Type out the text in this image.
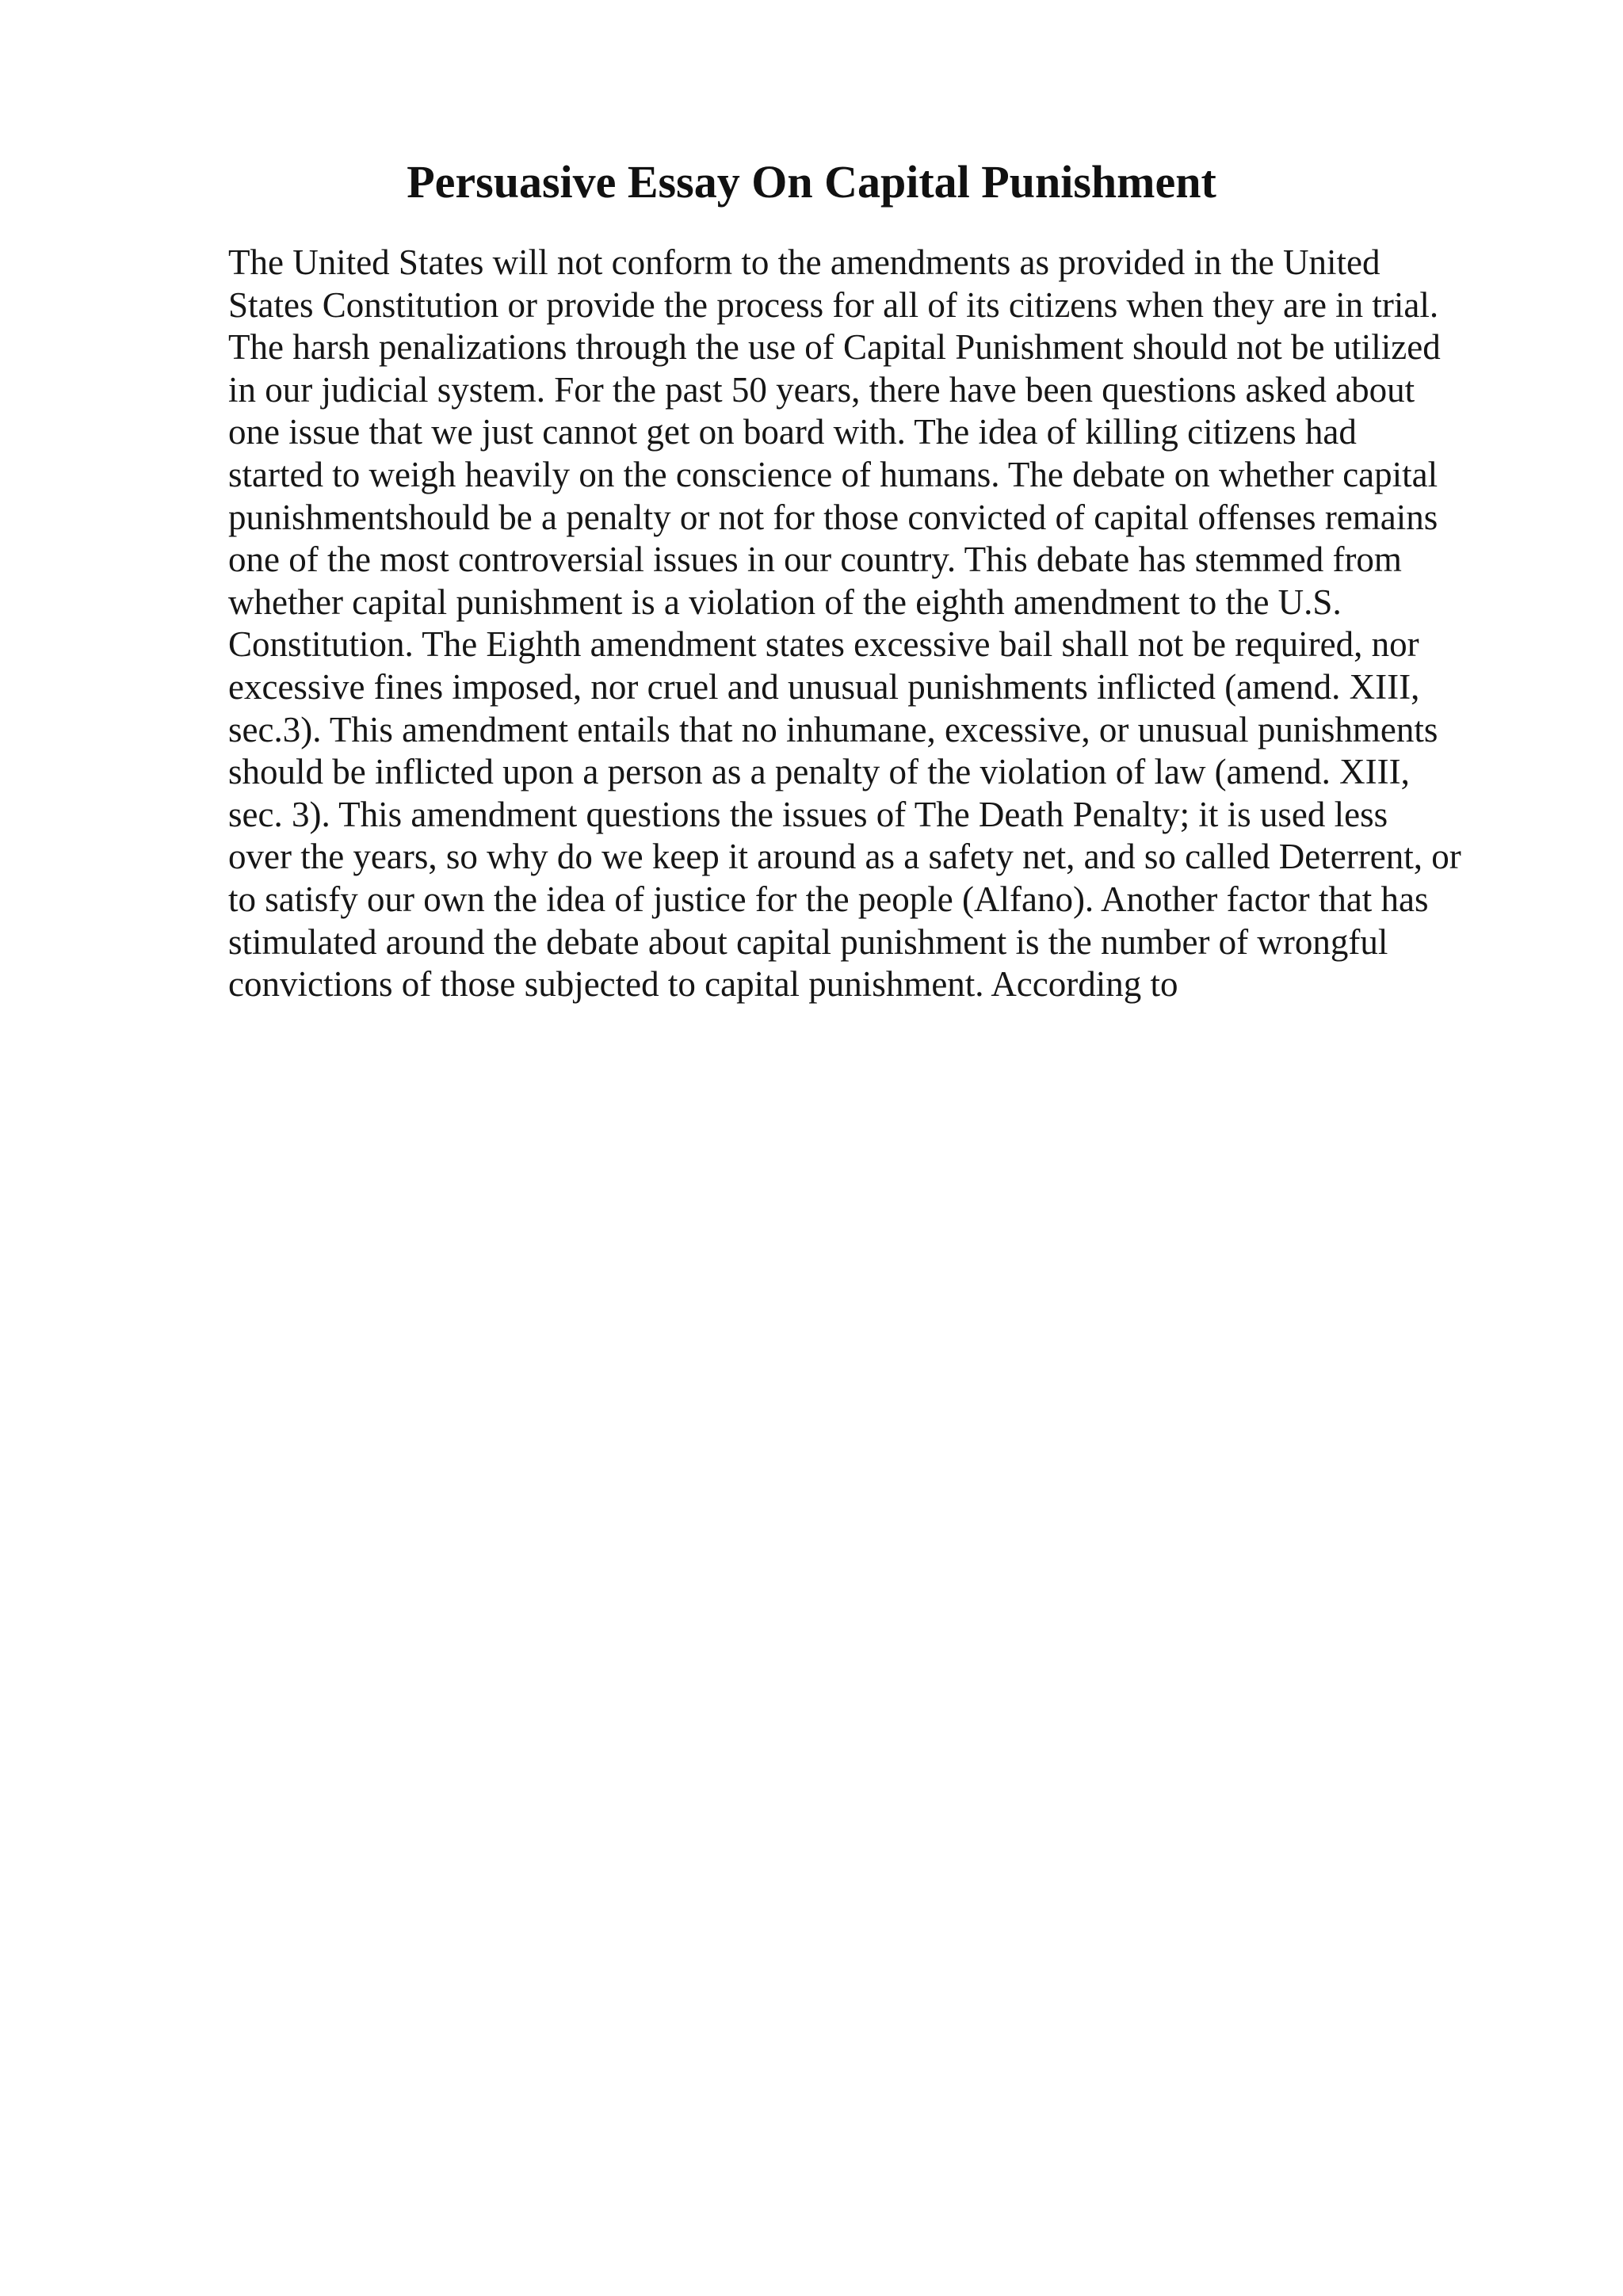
Persuasive Essay On Capital Punishment

The United States will not conform to the amendments as provided in the United
States Constitution or provide the process for all of its citizens when they are in trial.
The harsh penalizations through the use of Capital Punishment should not be utilized
in our judicial system. For the past 50 years, there have been questions asked about
one issue that we just cannot get on board with. The idea of killing citizens had
started to weigh heavily on the conscience of humans. The debate on whether capital
punishmentshould be a penalty or not for those convicted of capital offenses remains
one of the most controversial issues in our country. This debate has stemmed from
whether capital punishment is a violation of the eighth amendment to the U.S.
Constitution. The Eighth amendment states excessive bail shall not be required, nor
excessive fines imposed, nor cruel and unusual punishments inflicted (amend. XIII,
sec.3). This amendment entails that no inhumane, excessive, or unusual punishments
should be inflicted upon a person as a penalty of the violation of law (amend. XIII,
sec. 3). This amendment questions the issues of The Death Penalty; it is used less
over the years, so why do we keep it around as a safety net, and so called Deterrent, or
to satisfy our own the idea of justice for the people (Alfano). Another factor that has
stimulated around the debate about capital punishment is the number of wrongful
convictions of those subjected to capital punishment. According to
